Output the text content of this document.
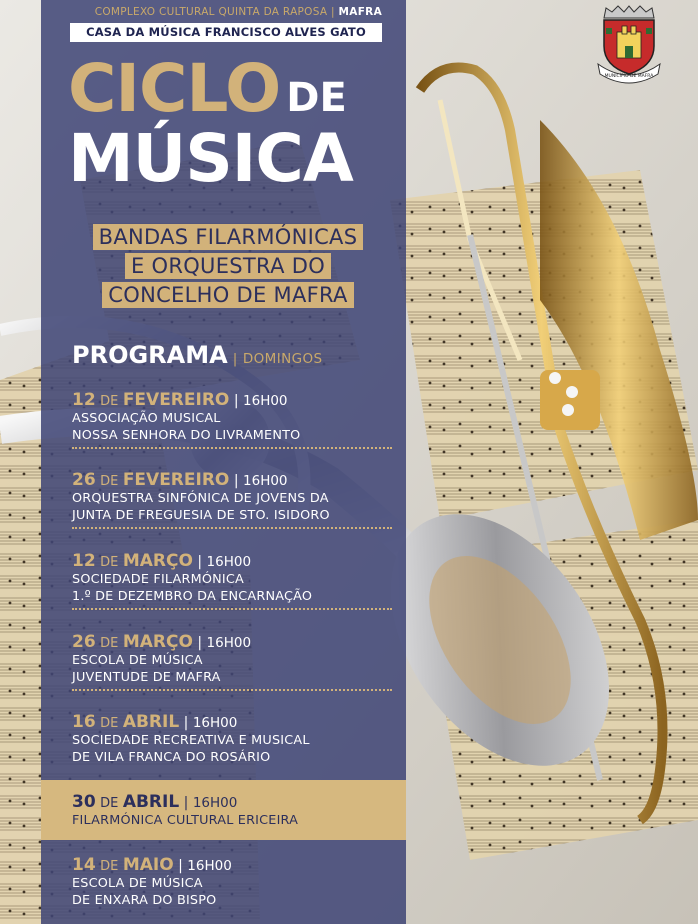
MUNICÍPIO DE MAFRA
COMPLEXO CULTURAL QUINTA DA RAPOSA | MAFRA
CASA DA MÚSICA FRANCISCO ALVES GATO
CICLO DE
MÚSICA
BANDAS FILARMÓNICAS
E ORQUESTRA DO
CONCELHO DE MAFRA
PROGRAMA | DOMINGOS
12 DE FEVEREIRO | 16H00
ASSOCIAÇÃO MUSICAL
NOSSA SENHORA DO LIVRAMENTO
26 DE FEVEREIRO | 16H00
ORQUESTRA SINFÓNICA DE JOVENS DA
JUNTA DE FREGUESIA DE STO. ISIDORO
12 DE MARÇO | 16H00
SOCIEDADE FILARMÓNICA
1.º DE DEZEMBRO DA ENCARNAÇÃO
26 DE MARÇO | 16H00
ESCOLA DE MÚSICA
JUVENTUDE DE MAFRA
16 DE ABRIL | 16H00
SOCIEDADE RECREATIVA E MUSICAL
DE VILA FRANCA DO ROSÁRIO
30 DE ABRIL | 16H00
FILARMÓNICA CULTURAL ERICEIRA
14 DE MAIO | 16H00
ESCOLA DE MÚSICA
DE ENXARA DO BISPO
